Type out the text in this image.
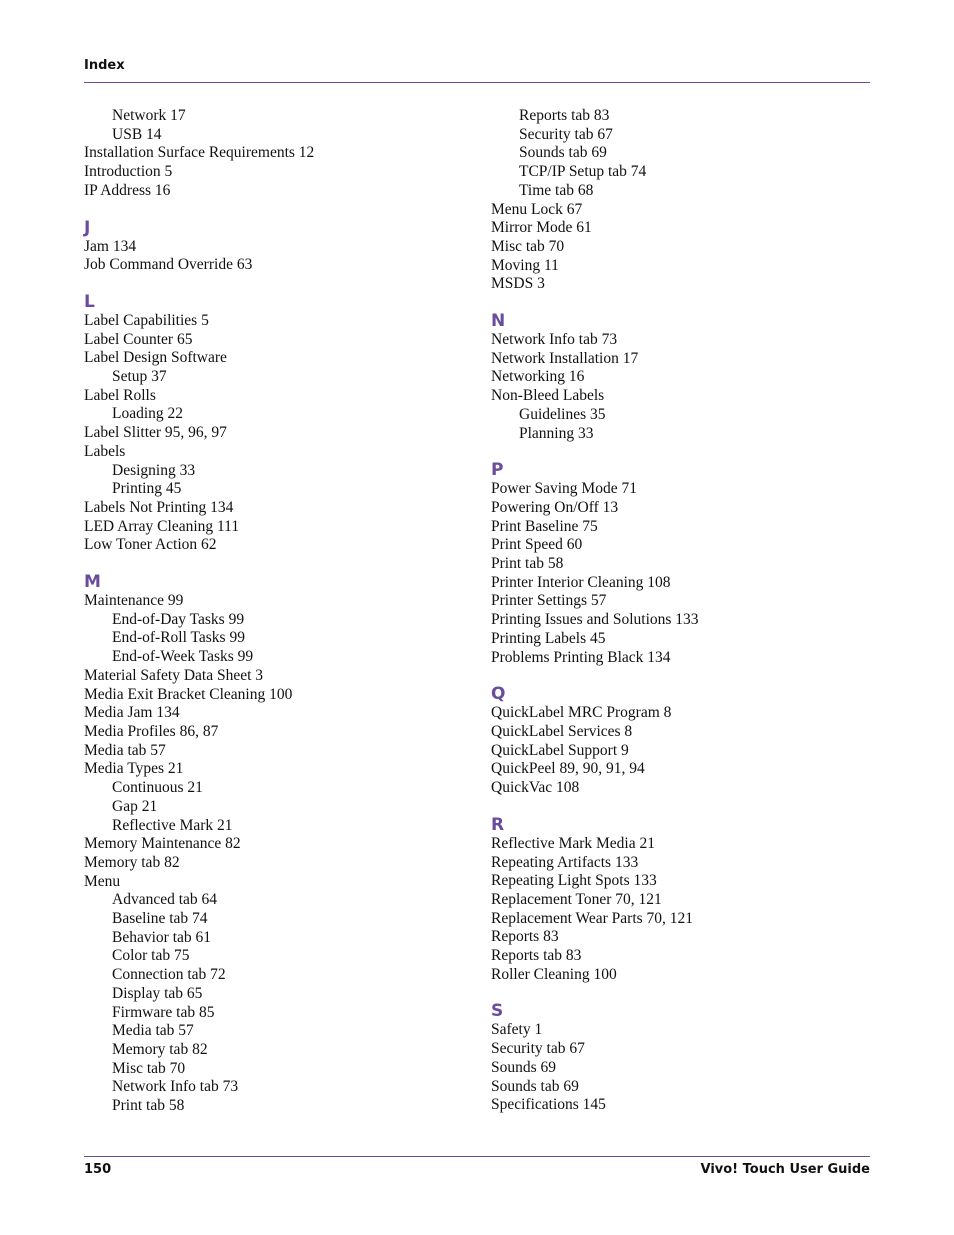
Index
Network 17
USB 14
Installation Surface Requirements 12
Introduction 5
IP Address 16
J
Jam 134
Job Command Override 63
L
Label Capabilities 5
Label Counter 65
Label Design Software
Setup 37
Label Rolls
Loading 22
Label Slitter 95, 96, 97
Labels
Designing 33
Printing 45
Labels Not Printing 134
LED Array Cleaning 111
Low Toner Action 62
M
Maintenance 99
End-of-Day Tasks 99
End-of-Roll Tasks 99
End-of-Week Tasks 99
Material Safety Data Sheet 3
Media Exit Bracket Cleaning 100
Media Jam 134
Media Profiles 86, 87
Media tab 57
Media Types 21
Continuous 21
Gap 21
Reflective Mark 21
Memory Maintenance 82
Memory tab 82
Menu
Advanced tab 64
Baseline tab 74
Behavior tab 61
Color tab 75
Connection tab 72
Display tab 65
Firmware tab 85
Media tab 57
Memory tab 82
Misc tab 70
Network Info tab 73
Print tab 58
Reports tab 83
Security tab 67
Sounds tab 69
TCP/IP Setup tab 74
Time tab 68
Menu Lock 67
Mirror Mode 61
Misc tab 70
Moving 11
MSDS 3
N
Network Info tab 73
Network Installation 17
Networking 16
Non-Bleed Labels
Guidelines 35
Planning 33
P
Power Saving Mode 71
Powering On/Off 13
Print Baseline 75
Print Speed 60
Print tab 58
Printer Interior Cleaning 108
Printer Settings 57
Printing Issues and Solutions 133
Printing Labels 45
Problems Printing Black 134
Q
QuickLabel MRC Program 8
QuickLabel Services 8
QuickLabel Support 9
QuickPeel 89, 90, 91, 94
QuickVac 108
R
Reflective Mark Media 21
Repeating Artifacts 133
Repeating Light Spots 133
Replacement Toner 70, 121
Replacement Wear Parts 70, 121
Reports 83
Reports tab 83
Roller Cleaning 100
S
Safety 1
Security tab 67
Sounds 69
Sounds tab 69
Specifications 145
150	Vivo! Touch User Guide
